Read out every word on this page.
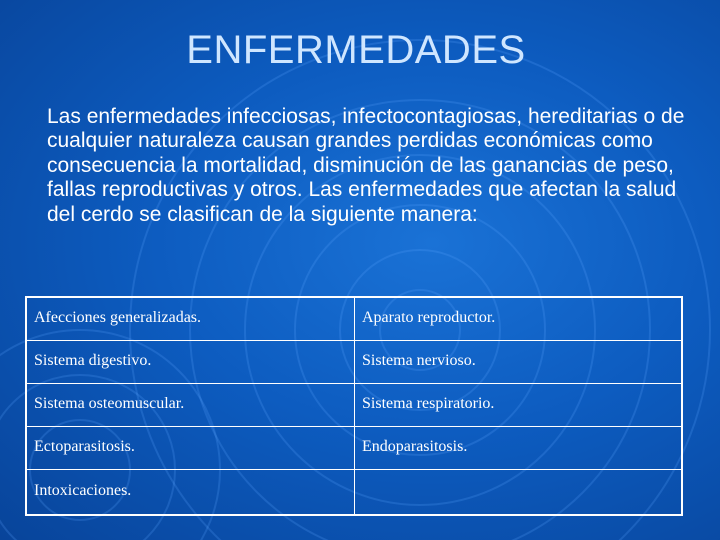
ENFERMEDADES
Las enfermedades infecciosas, infectocontagiosas, hereditarias o de cualquier naturaleza causan grandes perdidas económicas como consecuencia la mortalidad, disminución de las ganancias de peso, fallas reproductivas y otros. Las enfermedades que afectan la salud del cerdo se clasifican de la siguiente manera:
Afecciones generalizadas.	Aparato reproductor.
Sistema digestivo.	Sistema nervioso.
Sistema osteomuscular.	Sistema respiratorio.
Ectoparasitosis.	Endoparasitosis.
Intoxicaciones.	
